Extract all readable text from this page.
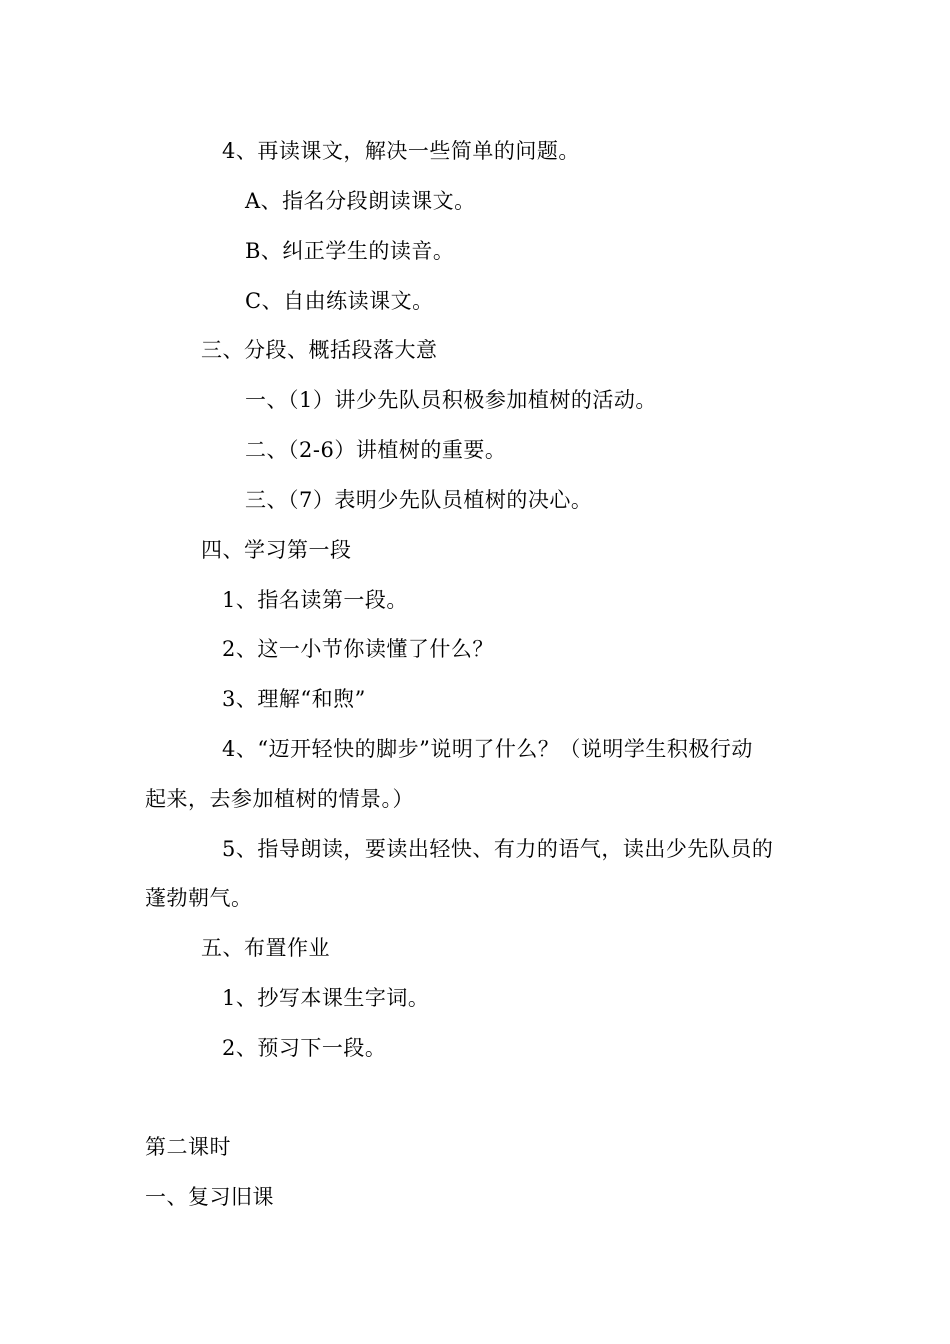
4、再读课文，解决一些简单的问题。
A、指名分段朗读课文。
B、纠正学生的读音。
C、自由练读课文。
三、分段、概括段落大意
一、（1）讲少先队员积极参加植树的活动。
二、（2-6）讲植树的重要。
三、（7）表明少先队员植树的决心。
四、学习第一段
1、指名读第一段。
2、这一小节你读懂了什么？
3、理解“和煦”
4、“迈开轻快的脚步”说明了什么？（说明学生积极行动
起来，去参加植树的情景。）
5、指导朗读，要读出轻快、有力的语气，读出少先队员的
蓬勃朝气。
五、布置作业
1、抄写本课生字词。
2、预习下一段。
第二课时
一、复习旧课
